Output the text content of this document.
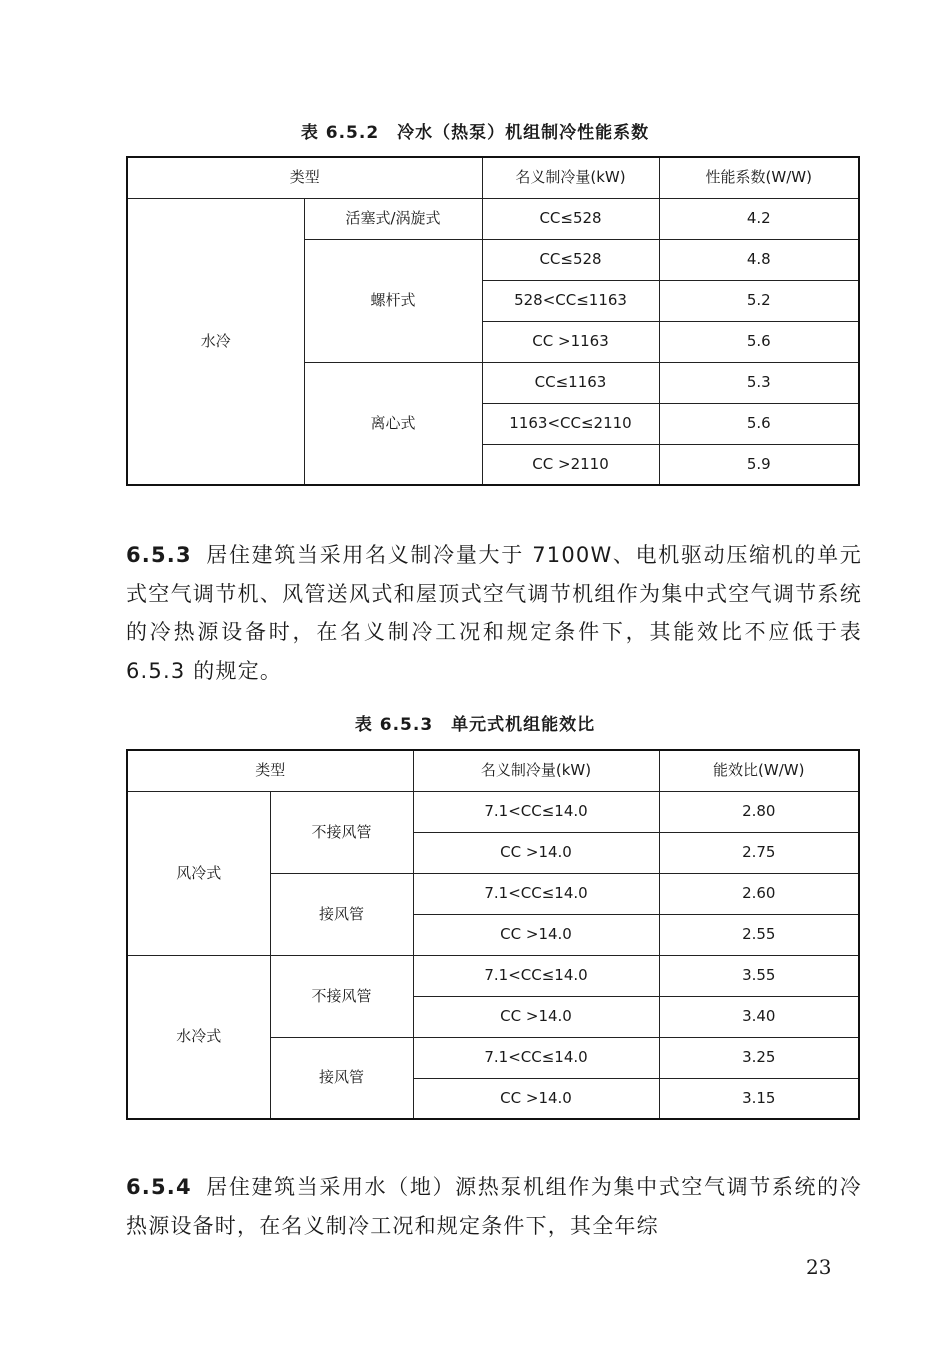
表 6.5.2　冷水（热泵）机组制冷性能系数
类型		名义制冷量(kW)	性能系数(W/W)
水冷	活塞式/涡旋式	CC≤528	4.2
	螺杆式	CC≤528	4.8
		528<CC≤1163	5.2
		CC >1163	5.6
	离心式	CC≤1163	5.3
		1163<CC≤2110	5.6
		CC >2110	5.9
6.5.3 居住建筑当采用名义制冷量大于 7100W、电机驱动压缩机的单元式空气调节机、风管送风式和屋顶式空气调节机组作为集中式空气调节系统的冷热源设备时，在名义制冷工况和规定条件下，其能效比不应低于表 6.5.3 的规定。
表 6.5.3　单元式机组能效比
类型		名义制冷量(kW)	能效比(W/W)
风冷式	不接风管	7.1<CC≤14.0	2.80
		CC >14.0	2.75
	接风管	7.1<CC≤14.0	2.60
		CC >14.0	2.55
水冷式	不接风管	7.1<CC≤14.0	3.55
		CC >14.0	3.40
	接风管	7.1<CC≤14.0	3.25
		CC >14.0	3.15
6.5.4 居住建筑当采用水（地）源热泵机组作为集中式空气调节系统的冷热源设备时，在名义制冷工况和规定条件下，其全年综
23
